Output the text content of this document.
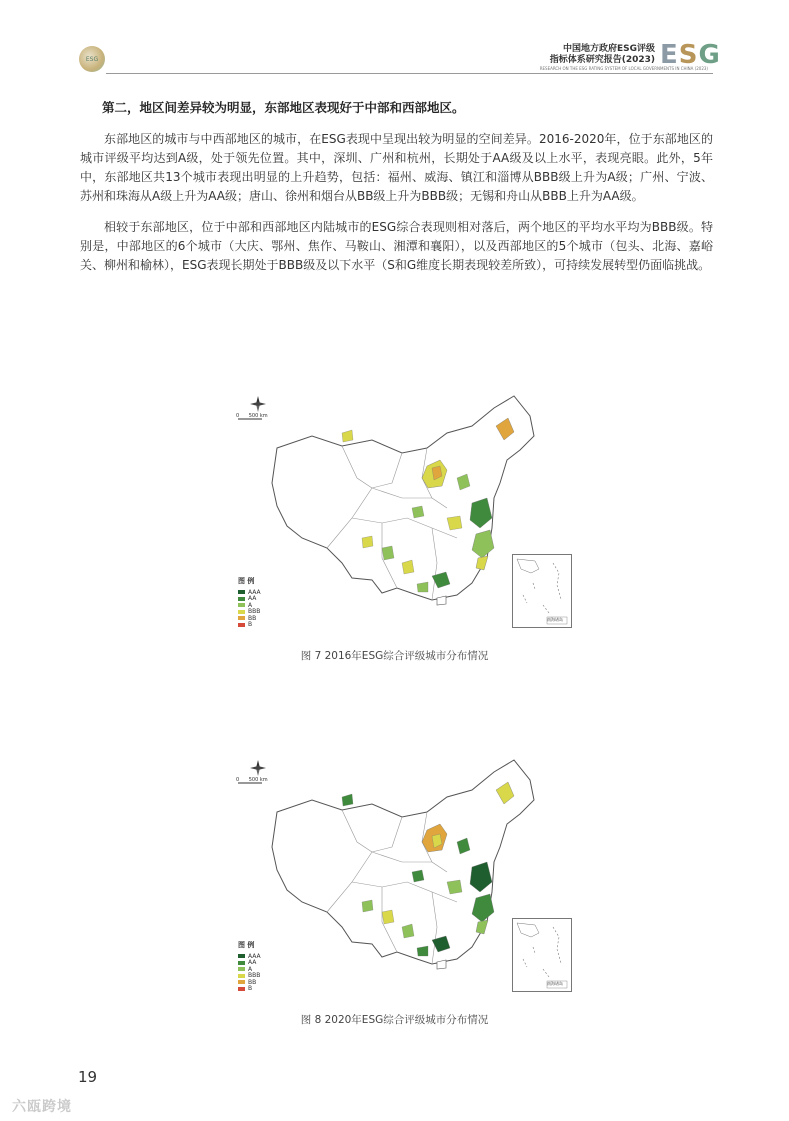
ESG
中国地方政府ESG评级
指标体系研究报告(2023) ESG
RESEARCH ON THE ESG RATING SYSTEM OF LOCAL GOVERNMENTS IN CHINA (2023)

第二，地区间差异较为明显，东部地区表现好于中部和西部地区。

东部地区的城市与中西部地区的城市，在ESG表现中呈现出较为明显的空间差异。2016-2020年，位于东部地区的城市评级平均达到A级，处于领先位置。其中，深圳、广州和杭州，长期处于AA级及以上水平，表现亮眼。此外，5年中，东部地区共13个城市表现出明显的上升趋势，包括：福州、威海、镇江和淄博从BBB级上升为A级；广州、宁波、苏州和珠海从A级上升为AA级；唐山、徐州和烟台从BB级上升为BBB级；无锡和舟山从BBB上升为AA级。

相较于东部地区，位于中部和西部地区内陆城市的ESG综合表现则相对落后，两个地区的平均水平均为BBB级。特别是，中部地区的6个城市（大庆、鄂州、焦作、马鞍山、湘潭和襄阳），以及西部地区的5个城市（包头、北海、嘉峪关、柳州和榆林），ESG表现长期处于BBB级及以下水平（S和G维度长期表现较差所致），可持续发展转型仍面临挑战。

0      500 km
图 例
AAA
AA
A
BBB
BB
B
南海诸岛
图 7 2016年ESG综合评级城市分布情况
0      500 km
图 例
AAA
AA
A
BBB
BB
B
南海诸岛
图 8 2020年ESG综合评级城市分布情况
19
六瓯跨境
